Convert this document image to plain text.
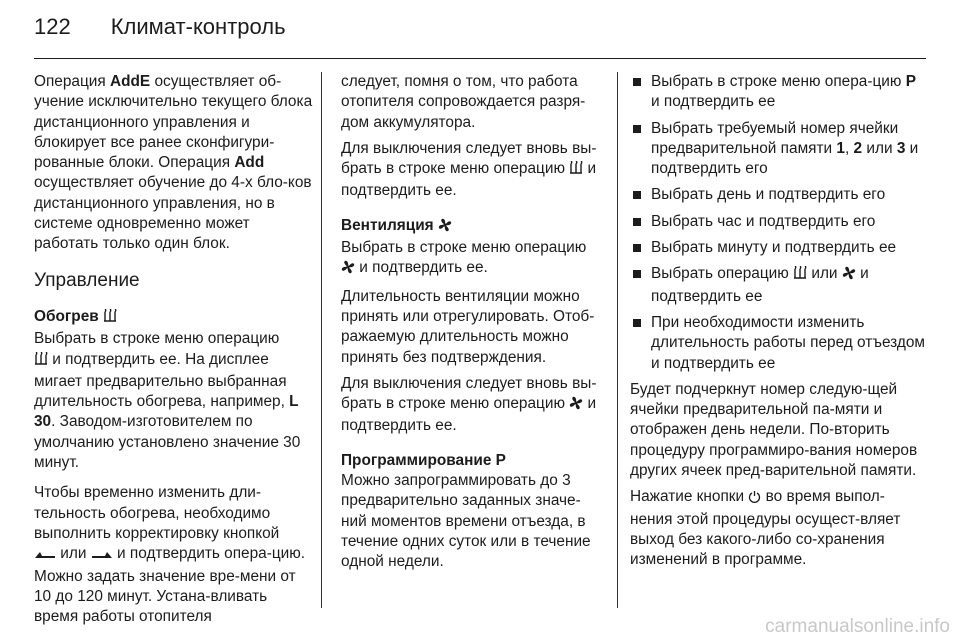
122 Климат-контроль

Операция AddE осуществляет об-учение исключительно текущего блока дистанционного управления и блокирует все ранее сконфигури-рованные блоки. Операция Add осуществляет обучение до 4-х бло-ков дистанционного управления, но в системе одновременно может работать только один блок.

Управление
Обогрев

Выбрать в строке меню операцию
и подтвердить ее. На дисплее мигает предварительно выбранная длительность обогрева, например, L 30. Заводом-изготовителем по умолчанию установлено значение 30 минут.

Чтобы временно изменить дли-тельность обогрева, необходимо выполнить корректировку кнопкой
или  и подтвердить опера-цию. Можно задать значение вре-мени от 10 до 120 минут. Устана-вливать время работы отопителя

следует, помня о том, что работа отопителя сопровождается разря-дом аккумулятора.

Для выключения следует вновь вы-брать в строке меню операцию  и подтвердить ее.

Вентиляция

Выбрать в строке меню операцию
и подтвердить ее.

Длительность вентиляции можно принять или отрегулировать. Отоб-ражаемую длительность можно принять без подтверждения.

Для выключения следует вновь вы-брать в строке меню операцию  и подтвердить ее.

Программирование P

Можно запрограммировать до 3 предварительно заданных значе-ний моментов времени отъезда, в течение одних суток или в течение одной недели.

Выбрать в строке меню опера-цию P и подтвердить ее
Выбрать требуемый номер ячейки предварительной памяти 1, 2 или 3 и подтвердить его
Выбрать день и подтвердить его
Выбрать час и подтвердить его
Выбрать минуту и подтвердить ее
Выбрать операцию  или  и подтвердить ее
При необходимости изменить длительность работы перед отъездом и подтвердить ее

Будет подчеркнут номер следую-щей ячейки предварительной па-мяти и отображен день недели. По-вторить процедуру программиро-вания номеров других ячеек пред-варительной памяти.

Нажатие кнопки  во время выпол-нения этой процедуры осущест-вляет выход без какого-либо со-хранения изменений в программе.

carmanualsonline.info
